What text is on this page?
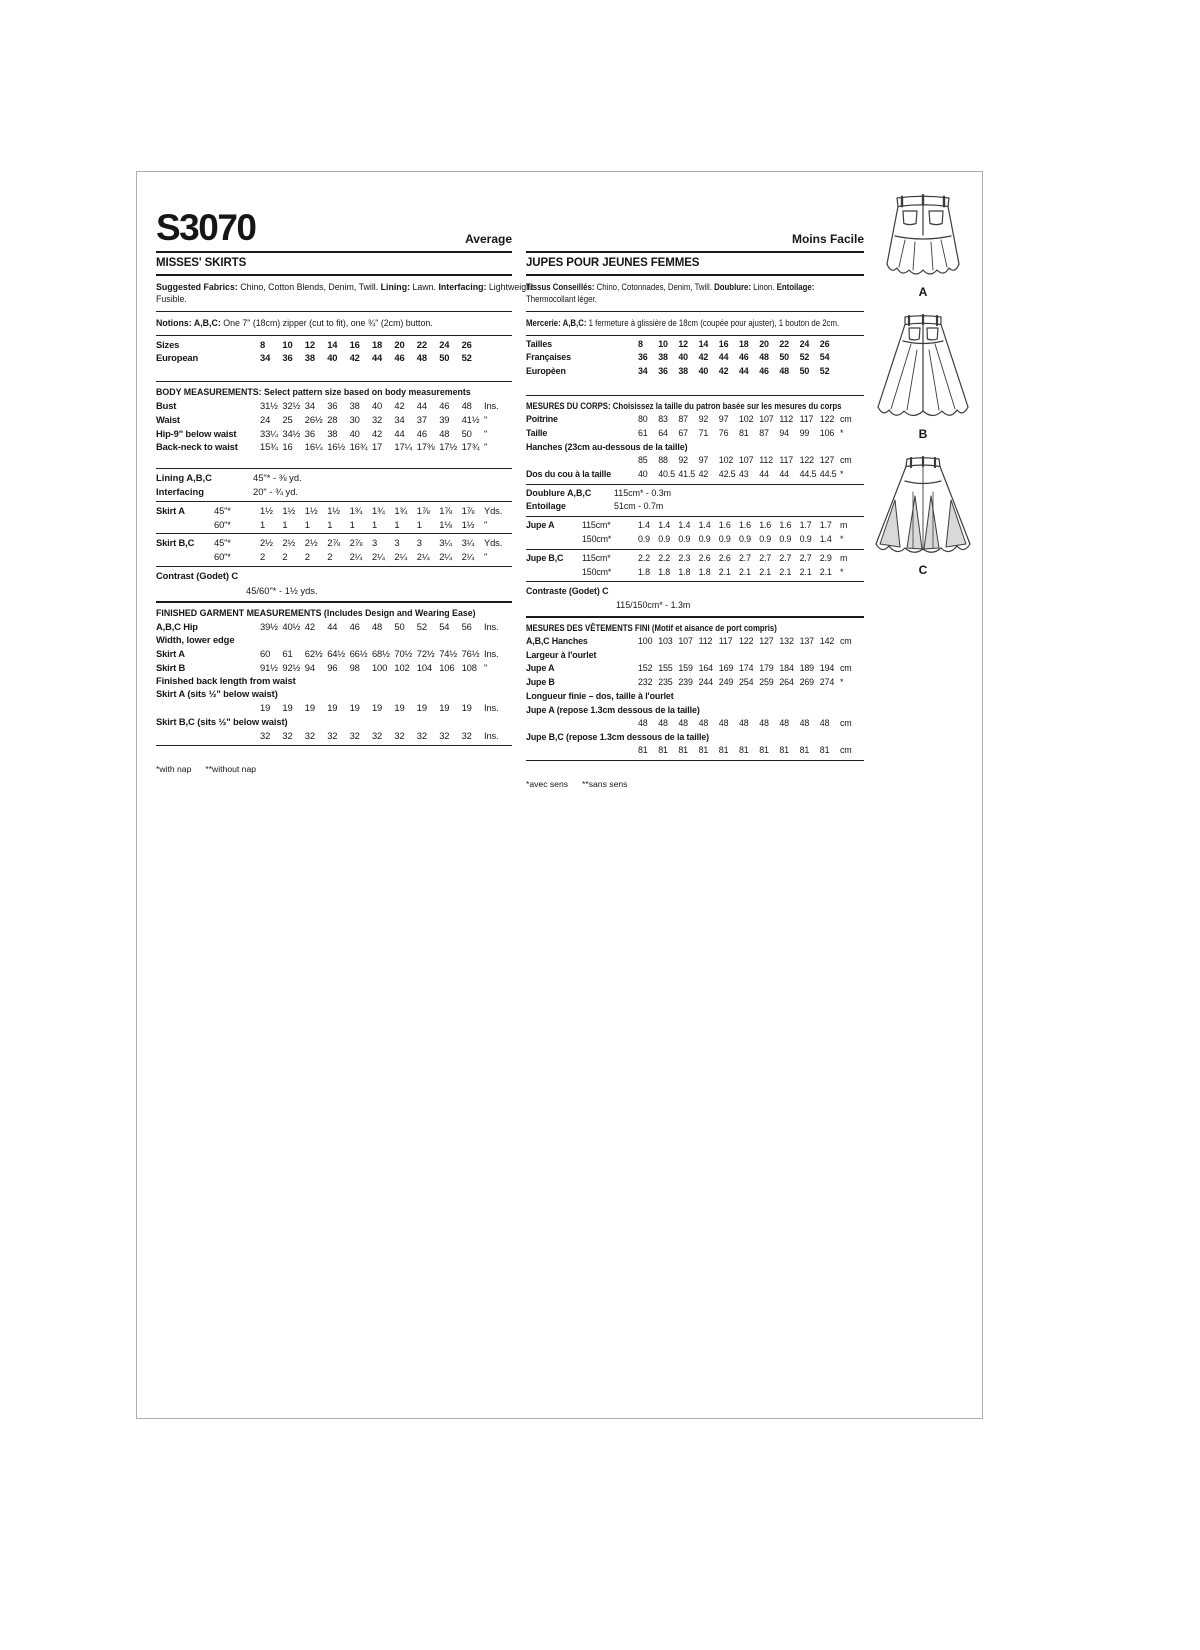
S3070	Average
MISSES' SKIRTS
Suggested Fabrics: Chino, Cotton Blends, Denim, Twill. Lining: Lawn. Interfacing: Lightweight
Fusible.
Notions: A,B,C: One 7" (18cm) zipper (cut to fit), one ¾" (2cm) button.
Sizes	8	10	12	14	16	18	20	22	24	26
European	34	36	38	40	42	44	46	48	50	52
BODY MEASUREMENTS: Select pattern size based on body measurements
Bust	31½ 32½ 34	36	38	40	42	44	46	48	Ins.
Waist	24	25	26½ 28	30	32	34	37	39	41½ "
Hip-9" below waist	33¼ 34½ 36	38	40	42	44	46	48	50	"
Back-neck to waist	15¾ 16	16¼ 16½ 16¾ 17	17¼ 17⅜ 17½ 17¾ "
Lining A,B,C	45"* - ⅜ yd.
Interfacing	20" - ¾ yd.
Skirt A	45"*	1½	1½	1½	1½	1¾	1¾	1¾	1⅞	1⅞	1⅞	Yds.
60"*	1	1	1	1	1	1	1	1	1⅛	1½	"
Skirt B,C	45"*	2½	2½	2½	2⅞	2⅞	3	3	3	3¼	3¼	Yds.
60"*	2	2	2	2	2¼	2¼	2¼	2¼	2¼	2¼	"
Contrast (Godet) C
45/60"* - 1½ yds.
FINISHED GARMENT MEASUREMENTS (Includes Design and Wearing Ease)
A,B,C Hip	39½ 40½ 42	44	46	48	50	52	54	56	Ins.
Width, lower edge
Skirt A	60	61	62½ 64½ 66½ 68½ 70½ 72½ 74½ 76½ Ins.
Skirt B	91½ 92½ 94	96	98	100 102 104 106 108 "
Finished back length from waist
Skirt A (sits ½" below waist)
19	19	19	19	19	19	19	19	19	19	Ins.
Skirt B,C (sits ½" below waist)
32	32	32	32	32	32	32	32	32	32	Ins.
*with nap **without nap
Moins Facile
JUPES POUR JEUNES FEMMES
Tissus Conseillés: Chino, Cotonnades, Denim, Twill. Doublure: Linon. Entoilage:
Thermocollant léger.
Mercerie: A,B,C: 1 fermeture à glissière de 18cm (coupée pour ajuster), 1 bouton de 2cm.
Tailles	8	10	12	14	16	18	20	22	24	26
Françaises	36	38	40	42	44	46	48	50	52	54
Europèen	34	36	38	40	42	44	46	48	50	52
MESURES DU CORPS: Choisissez la taille du patron basée sur les mesures du corps
Poitrine	80	83	87	92	97	102 107 112 117 122 cm
Taille	61	64	67	71	76	81	87	94	99	106 *
Hanches (23cm au-dessous de la taille)
85	88	92	97	102 107 112 117 122 127 cm
Dos du cou à la taille	40	40.5 41.5 42	42.5 43	44	44	44.5 44.5 *
Doublure A,B,C	115cm* - 0.3m
Entoilage	51cm - 0.7m
Jupe A	115cm*	1.4 1.4 1.4 1.4 1.6 1.6 1.6 1.6 1.7 1.7 m
150cm*	0.9 0.9 0.9 0.9 0.9 0.9 0.9 0.9 0.9 1.4 *
Jupe B,C	115cm*	2.2 2.2 2.3 2.6 2.6 2.7 2.7 2.7 2.7 2.9 m
150cm*	1.8 1.8 1.8 1.8 2.1 2.1 2.1 2.1 2.1 2.1 *
Contraste (Godet) C
115/150cm* - 1.3m
MESURES DES VÊTEMENTS FINI (Motif et aisance de port compris)
A,B,C Hanches	100 103 107 112 117 122 127 132 137 142 cm
Largeur à l'ourlet
Jupe A	152 155 159 164 169 174 179 184 189 194 cm
Jupe B	232 235 239 244 249 254 259 264 269 274 *
Longueur finie – dos, taille à l'ourlet
Jupe A (repose 1.3cm dessous de la taille)
48	48	48	48	48	48	48	48	48	48	cm
Jupe B,C (repose 1.3cm dessous de la taille)
81	81	81	81	81	81	81	81	81	81	cm
*avec sens **sans sens
A
B
C
